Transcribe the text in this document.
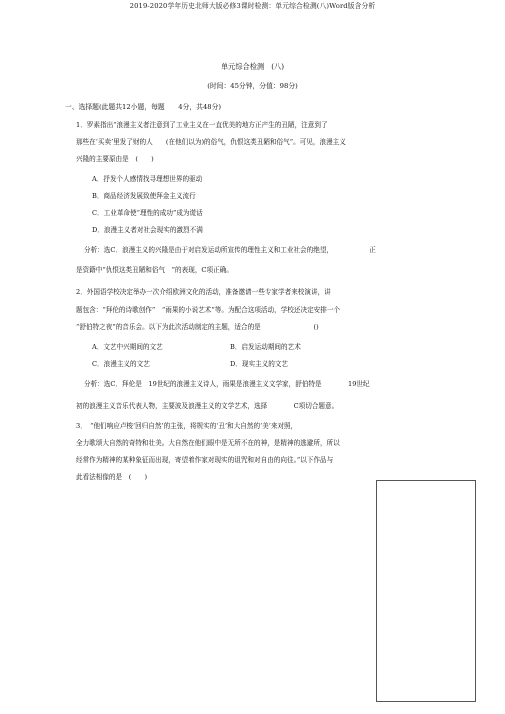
2019-2020学年历史北师大版必修3课时检测：单元综合检测(八)Word版含分析
单元综合检测　(八)
(时间：45分钟，分值：98分)
一、选择题(此题共12小题，每题　　4分，共48分)
1．罗素指出“浪漫主义者注意到了工业主义在一直优美的地方正产生的丑陋，注意到了
那些在‘买卖’里发了财的人　　(在他们以为)的俗气，仇恨这类丑陋和俗气”。可见，浪漫主义
兴隆的主要原由是　(　　)
A．抒发个人感情找寻理想世界的驱动
B．商品经济发展致使拜金主义流行
C．工业革命使“理性的成功”成为谎话
D．浪漫主义者对社会现实的激烈不满
分析：选C．浪漫主义的兴隆是由于对启发运动所宣传的理性主义和工业社会的绝望，　　　　　　正
是资籍中“仇恨这类丑陋和俗气　”的表现，C项正确。
2．外国语学校决定举办一次介绍欧洲文化的活动，准备邀请一些专家学者来校演讲，讲
题包含：“拜伦的诗歌创作”　“雨果的小说艺术”等。为配合这项活动，学校还决定安排一个
“舒伯特之夜”的音乐会。以下为此次活动制定的主题，适合的是　　　　　　　　()
A．文艺中兴期间的文艺	B．启发运动期间的艺术
C．浪漫主义的文艺	D．现实主义的文艺
分析：选C．拜伦是　19世纪的浪漫主义诗人，雨果是浪漫主义文学家，舒伯特是　　　　19世纪
初的浪漫主义音乐代表人物，主要波及浪漫主义的文学艺术，选择　　　　C项切合题意。
3．　“他们响应卢梭‘回归自然’的主张，将规实的‘丑’和大自然的‘美’来对照，
全力歌颂大自然的奇特和壮美。大自然在他们眼中是无所不在的神，是精神的逃避所，所以
经常作为精神的某种象征而出现，寄望着作家对现实的诅咒和对自由的向往。”以下作品与
此看法相像的是　(　　)
